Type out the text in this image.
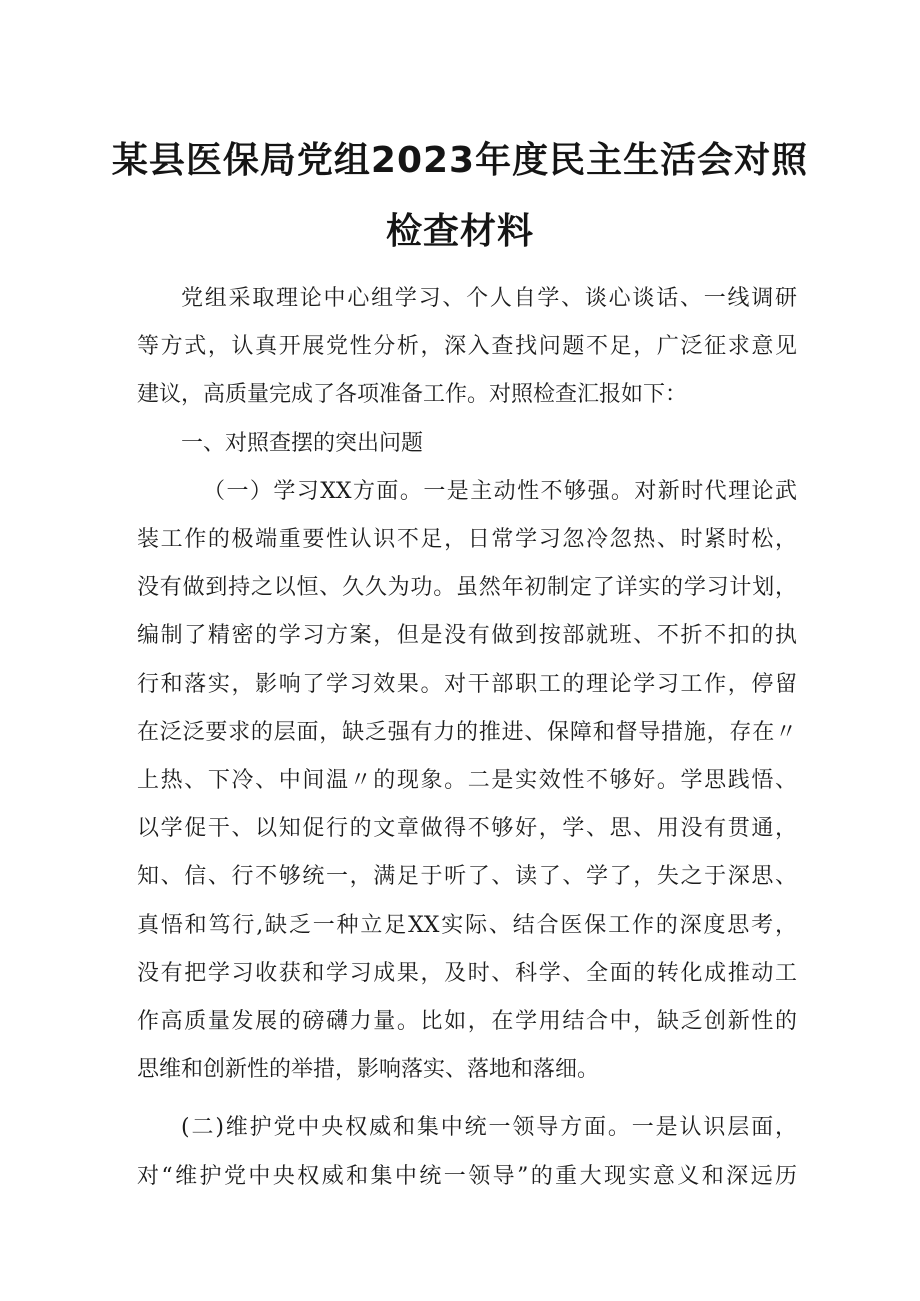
某县医保局党组2023年度民主生活会对照
检查材料

党组采取理论中心组学习、个人自学、谈心谈话、一线调研
等方式，认真开展党性分析，深入查找问题不足，广泛征求意见
建议，高质量完成了各项准备工作。对照检查汇报如下：

一、对照查摆的突出问题

（一）学习XX方面。一是主动性不够强。对新时代理论武
装工作的极端重要性认识不足，日常学习忽冷忽热、时紧时松，
没有做到持之以恒、久久为功。虽然年初制定了详实的学习计划，
编制了精密的学习方案，但是没有做到按部就班、不折不扣的执
行和落实，影响了学习效果。对干部职工的理论学习工作，停留
在泛泛要求的层面，缺乏强有力的推进、保障和督导措施，存在〃
上热、下冷、中间温〃的现象。二是实效性不够好。学思践悟、
以学促干、以知促行的文章做得不够好，学、思、用没有贯通，
知、信、行不够统一，满足于听了、读了、学了，失之于深思、
真悟和笃行,缺乏一种立足XX实际、结合医保工作的深度思考，
没有把学习收获和学习成果，及时、科学、全面的转化成推动工
作高质量发展的磅礴力量。比如，在学用结合中，缺乏创新性的
思维和创新性的举措，影响落实、落地和落细。

(二)维护党中央权威和集中统一领导方面。一是认识层面，
对“维护党中央权威和集中统一领导”的重大现实意义和深远历
